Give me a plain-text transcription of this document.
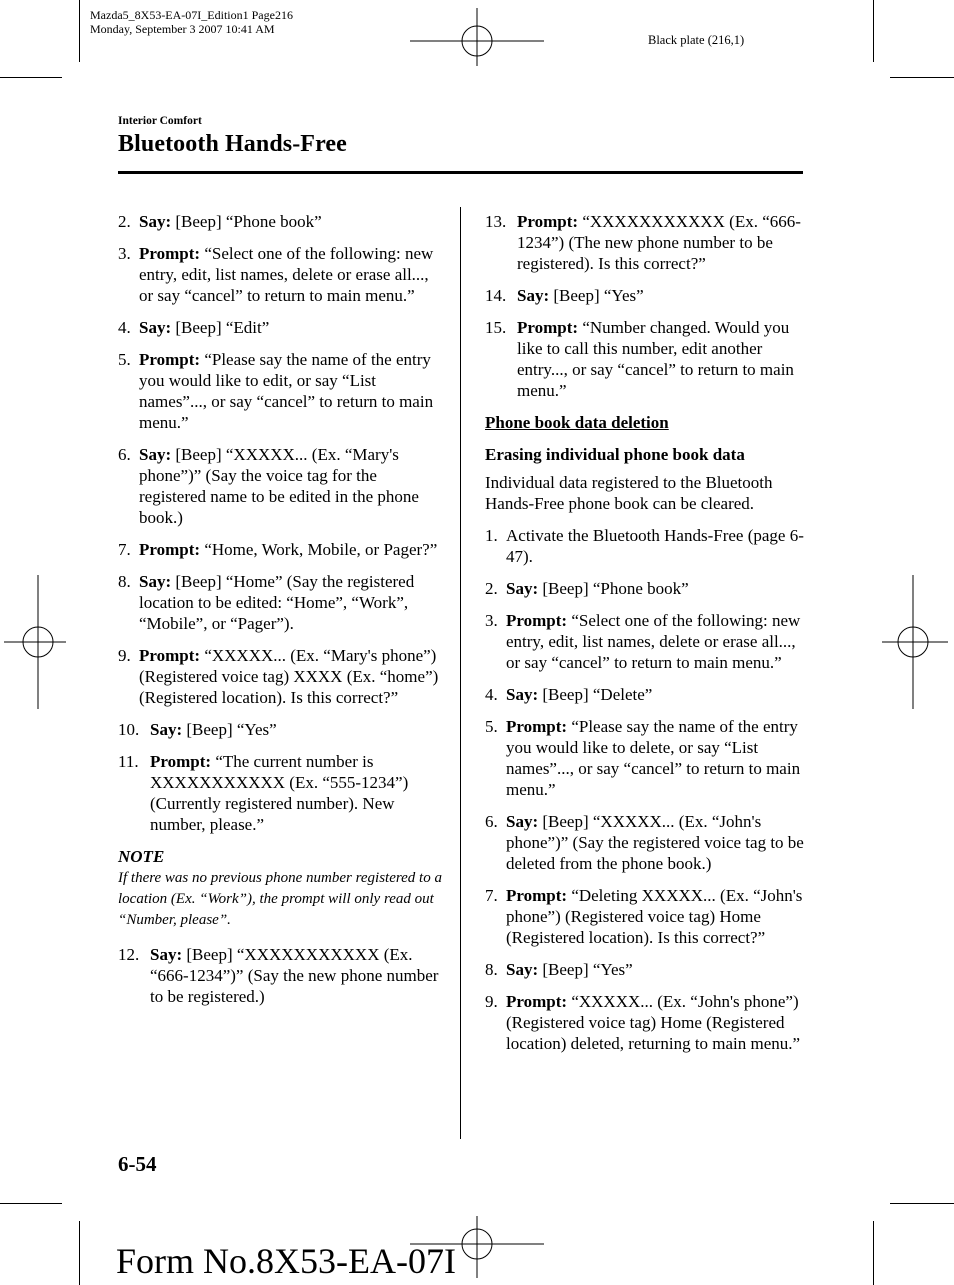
Mazda5_8X53-EA-07I_Edition1 Page216
Monday, September 3 2007 10:41 AM
Black plate (216,1)
Interior Comfort
Bluetooth Hands-Free
2. Say: [Beep] “Phone book”
3. Prompt: “Select one of the following: new entry, edit, list names, delete or erase all..., or say “cancel” to return to main menu.”
4. Say: [Beep] “Edit”
5. Prompt: “Please say the name of the entry you would like to edit, or say “List names”..., or say “cancel” to return to main menu.”
6. Say: [Beep] “XXXXX... (Ex. “Mary's phone”)” (Say the voice tag for the registered name to be edited in the phone book.)
7. Prompt: “Home, Work, Mobile, or Pager?”
8. Say: [Beep] “Home” (Say the registered location to be edited: “Home”, “Work”, “Mobile”, or “Pager”).
9. Prompt: “XXXXX... (Ex. “Mary's phone”) (Registered voice tag) XXXX (Ex. “home”) (Registered location). Is this correct?”
10. Say: [Beep] “Yes”
11. Prompt: “The current number is XXXXXXXXXXX (Ex. “555-1234”) (Currently registered number). New number, please.”
NOTE
If there was no previous phone number registered to a location (Ex. “Work”), the prompt will only read out “Number, please”.
12. Say: [Beep] “XXXXXXXXXXX (Ex. “666-1234”)” (Say the new phone number to be registered.)
13. Prompt: “XXXXXXXXXXX (Ex. “666-1234”) (The new phone number to be registered). Is this correct?”
14. Say: [Beep] “Yes”
15. Prompt: “Number changed. Would you like to call this number, edit another entry..., or say “cancel” to return to main menu.”
Phone book data deletion
Erasing individual phone book data
Individual data registered to the Bluetooth Hands-Free phone book can be cleared.
1. Activate the Bluetooth Hands-Free (page 6-47).
2. Say: [Beep] “Phone book”
3. Prompt: “Select one of the following: new entry, edit, list names, delete or erase all..., or say “cancel” to return to main menu.”
4. Say: [Beep] “Delete”
5. Prompt: “Please say the name of the entry you would like to delete, or say “List names”..., or say “cancel” to return to main menu.”
6. Say: [Beep] “XXXXX... (Ex. “John's phone”)” (Say the registered voice tag to be deleted from the phone book.)
7. Prompt: “Deleting XXXXX... (Ex. “John's phone”) (Registered voice tag) Home (Registered location). Is this correct?”
8. Say: [Beep] “Yes”
9. Prompt: “XXXXX... (Ex. “John's phone”) (Registered voice tag) Home (Registered location) deleted, returning to main menu.”
6-54
Form No.8X53-EA-07I
